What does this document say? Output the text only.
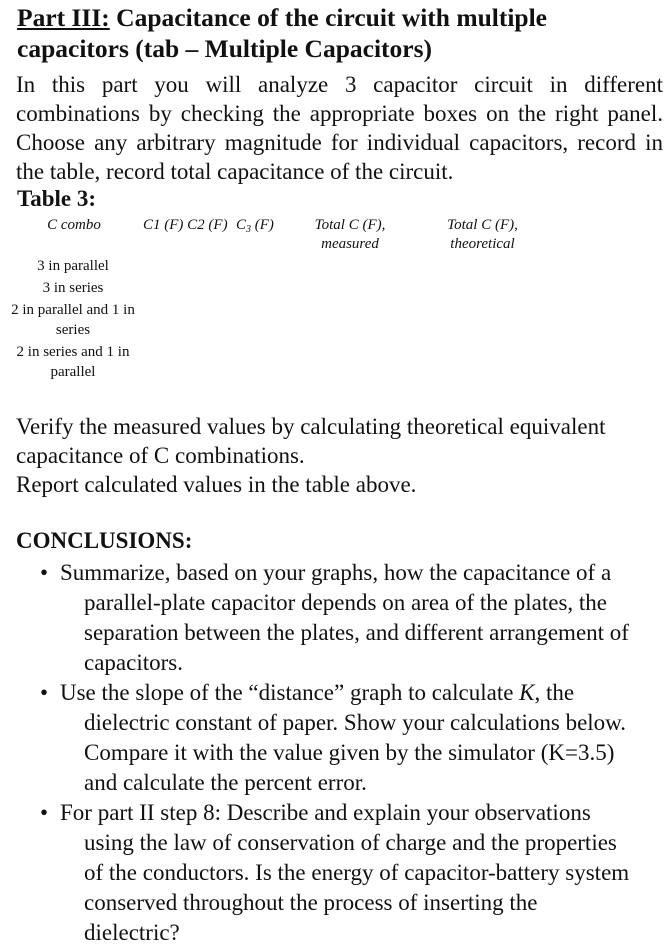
Part III: Capacitance of the circuit with multiple
capacitors (tab – Multiple Capacitors)
In this part you will analyze 3 capacitor circuit in different combinations by checking the appropriate boxes on the right panel. Choose any arbitrary magnitude for individual capacitors, record in the table, record total capacitance of the circuit.
Table 3:
C combo	C1 (F) C2 (F) $C_3$ (F)	Total C (F),
measured
Total C (F),
theoretical
3 in parallel
3 in series
2 in parallel and 1 in
series
2 in series and 1 in
parallel
Verify the measured values by calculating theoretical equivalent
capacitance of C combinations.
Report calculated values in the table above.
CONCLUSIONS:
• Summarize, based on your graphs, how the capacitance of a
parallel-plate capacitor depends on area of the plates, the
separation between the plates, and different arrangement of
capacitors.
• Use the slope of the “distance” graph to calculate K, the
dielectric constant of paper. Show your calculations below.
Compare it with the value given by the simulator (K=3.5)
and calculate the percent error.
• For part II step 8: Describe and explain your observations
using the law of conservation of charge and the properties
of the conductors. Is the energy of capacitor-battery system
conserved throughout the process of inserting the
dielectric?
